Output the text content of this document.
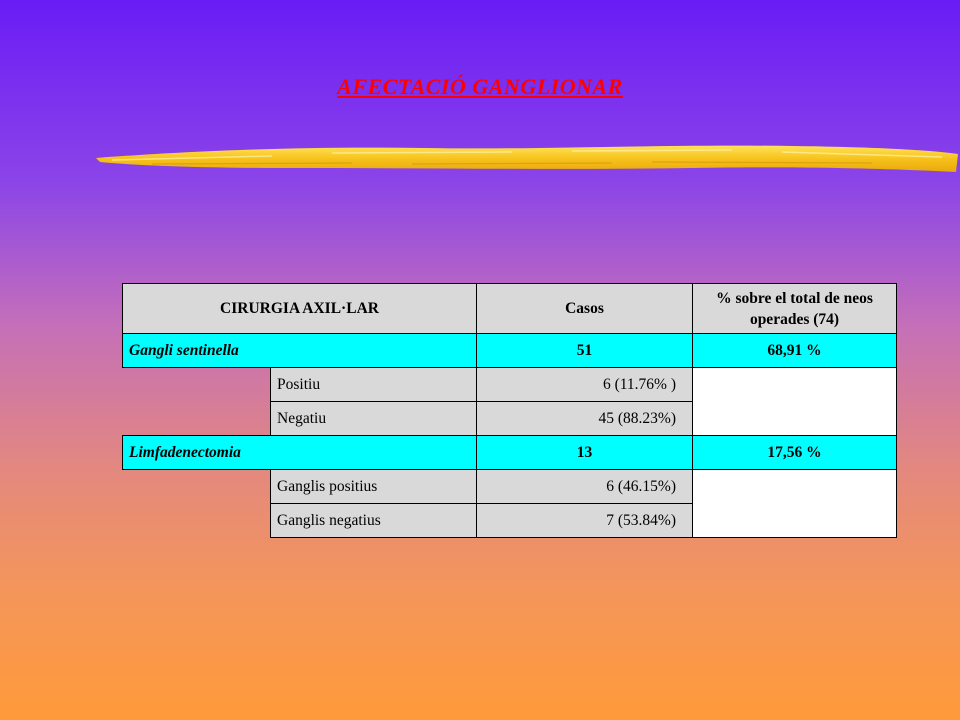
AFECTACIÓ GANGLIONAR
CIRURGIA AXIL·LAR		Casos	% sobre el total de neos operades (74)
Gangli sentinella		51	68,91 %
	Positiu	6 (11.76% )	
	Negatiu	45 (88.23%)	
Limfadenectomia		13	17,56 %
	Ganglis positius	6 (46.15%)	
	Ganglis negatius	7 (53.84%)	
